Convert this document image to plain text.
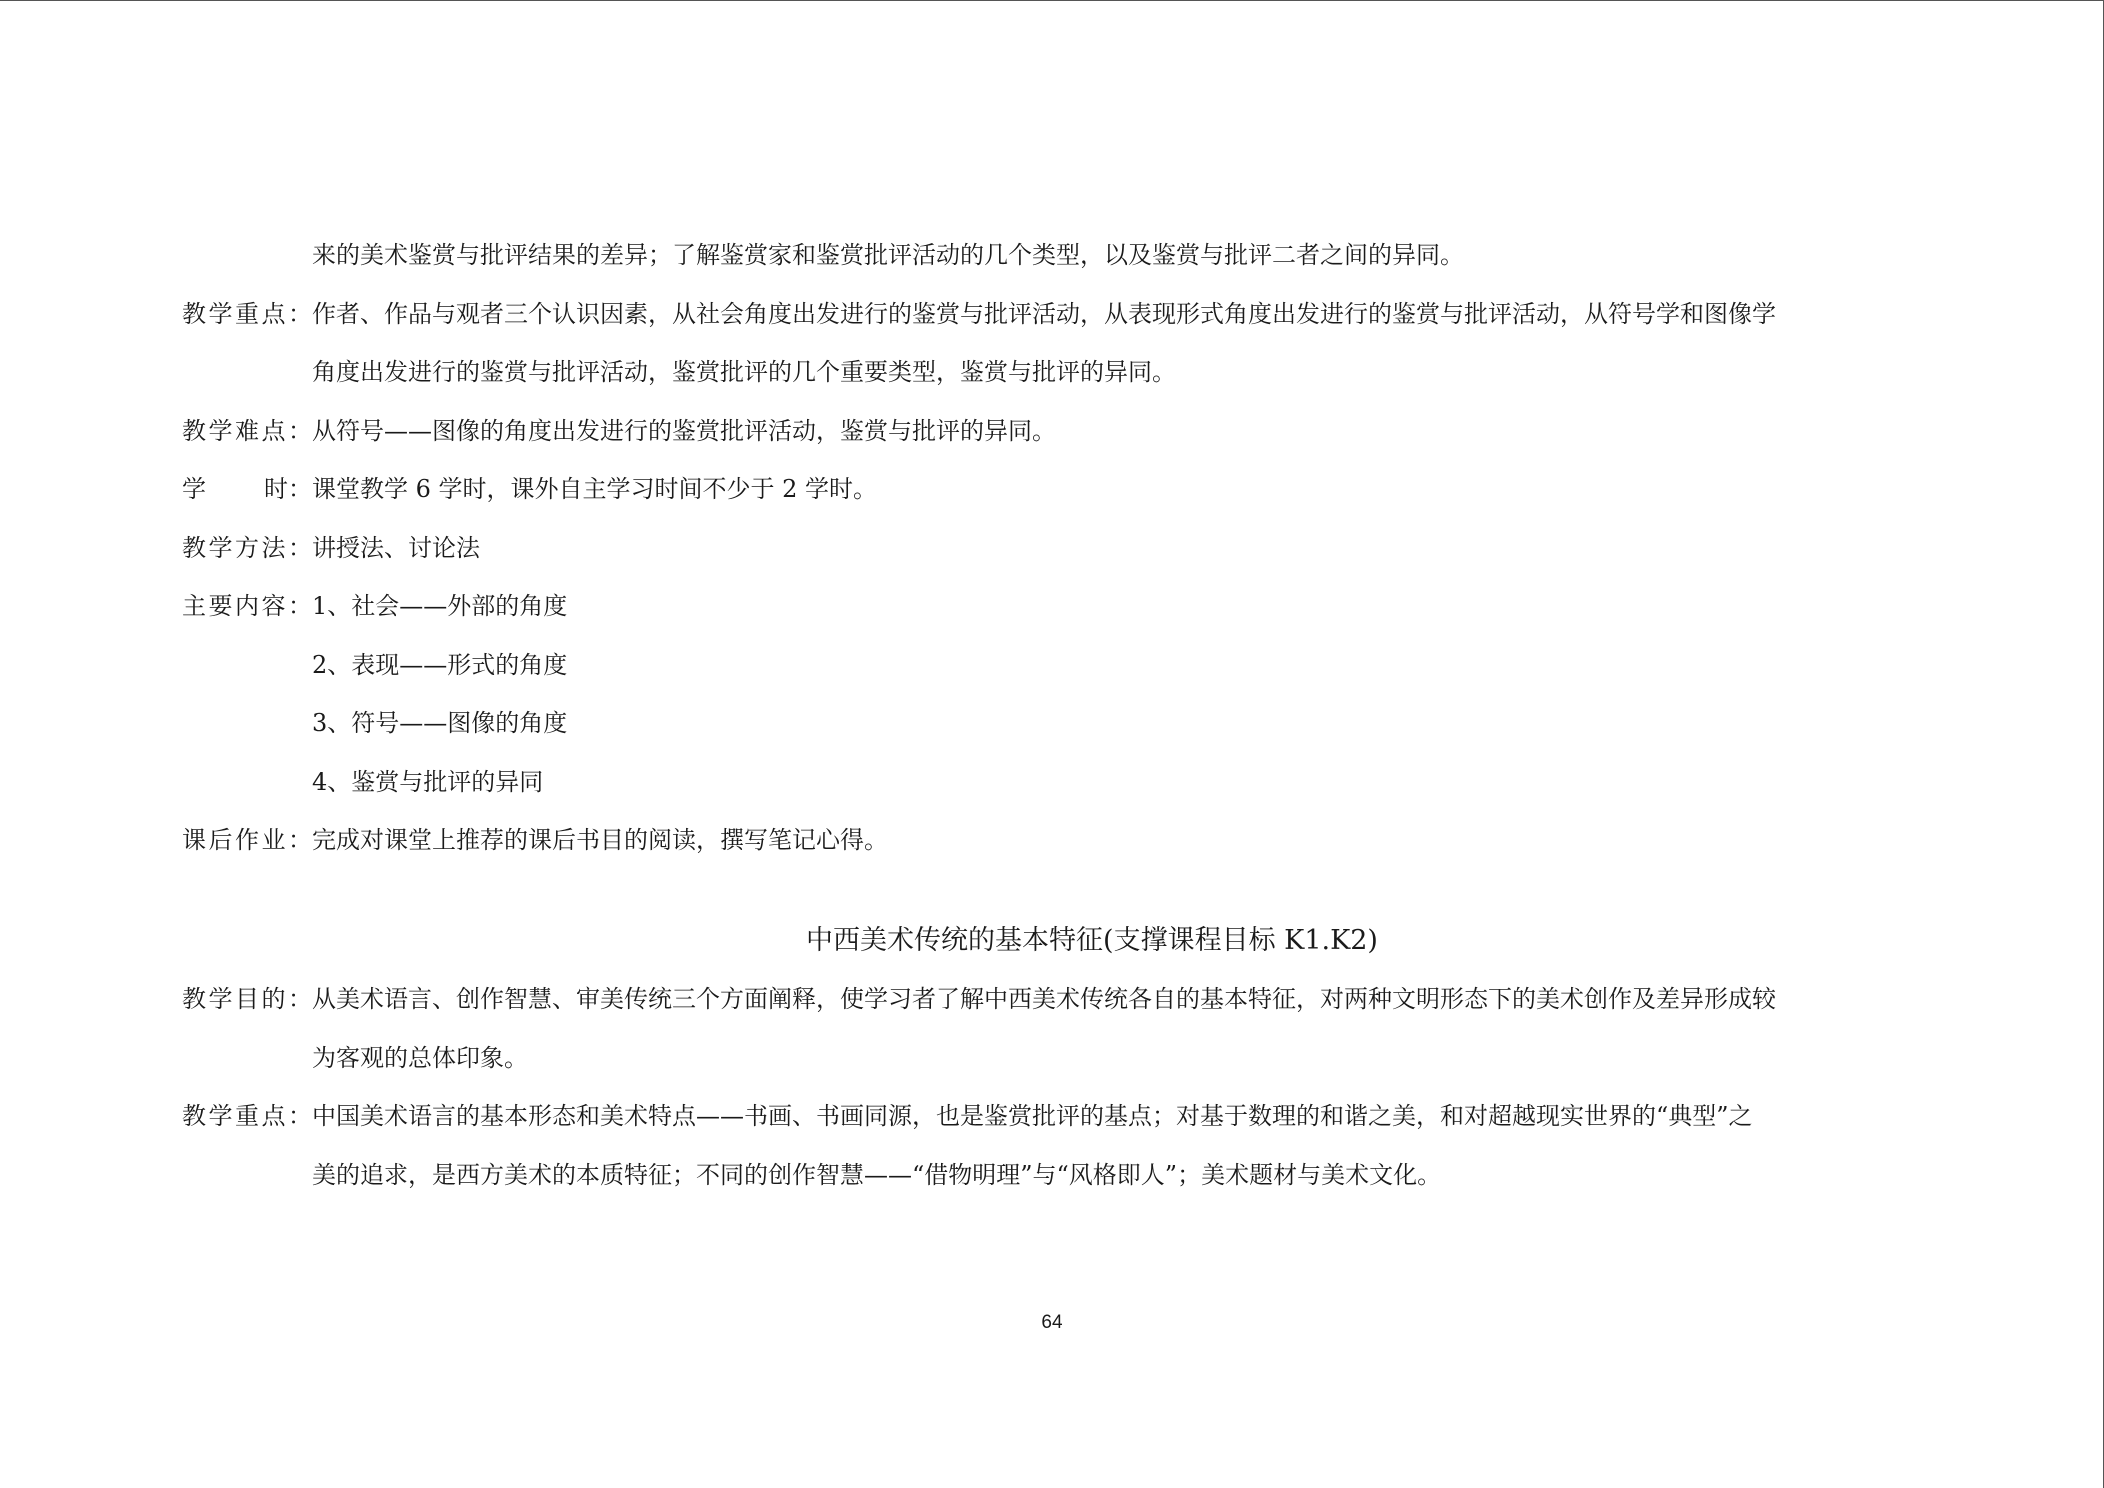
来的美术鉴赏与批评结果的差异；了解鉴赏家和鉴赏批评活动的几个类型，以及鉴赏与批评二者之间的异同。
教学重点： 作者、作品与观者三个认识因素，从社会角度出发进行的鉴赏与批评活动，从表现形式角度出发进行的鉴赏与批评活动，从符号学和图像学
角度出发进行的鉴赏与批评活动，鉴赏批评的几个重要类型，鉴赏与批评的异同。
教学难点： 从符号——图像的角度出发进行的鉴赏批评活动，鉴赏与批评的异同。
学 时： 课堂教学 6 学时，课外自主学习时间不少于 2 学时。
教学方法： 讲授法、讨论法
主要内容： 1、社会——外部的角度
2、表现——形式的角度
3、符号——图像的角度
4、鉴赏与批评的异同
课后作业： 完成对课堂上推荐的课后书目的阅读，撰写笔记心得。
中西美术传统的基本特征(支撑课程目标 K1.K2)
教学目的： 从美术语言、创作智慧、审美传统三个方面阐释，使学习者了解中西美术传统各自的基本特征，对两种文明形态下的美术创作及差异形成较
为客观的总体印象。
教学重点： 中国美术语言的基本形态和美术特点——书画、书画同源，也是鉴赏批评的基点；对基于数理的和谐之美，和对超越现实世界的“典型”之
美的追求，是西方美术的本质特征；不同的创作智慧——“借物明理”与“风格即人”；美术题材与美术文化。
64
